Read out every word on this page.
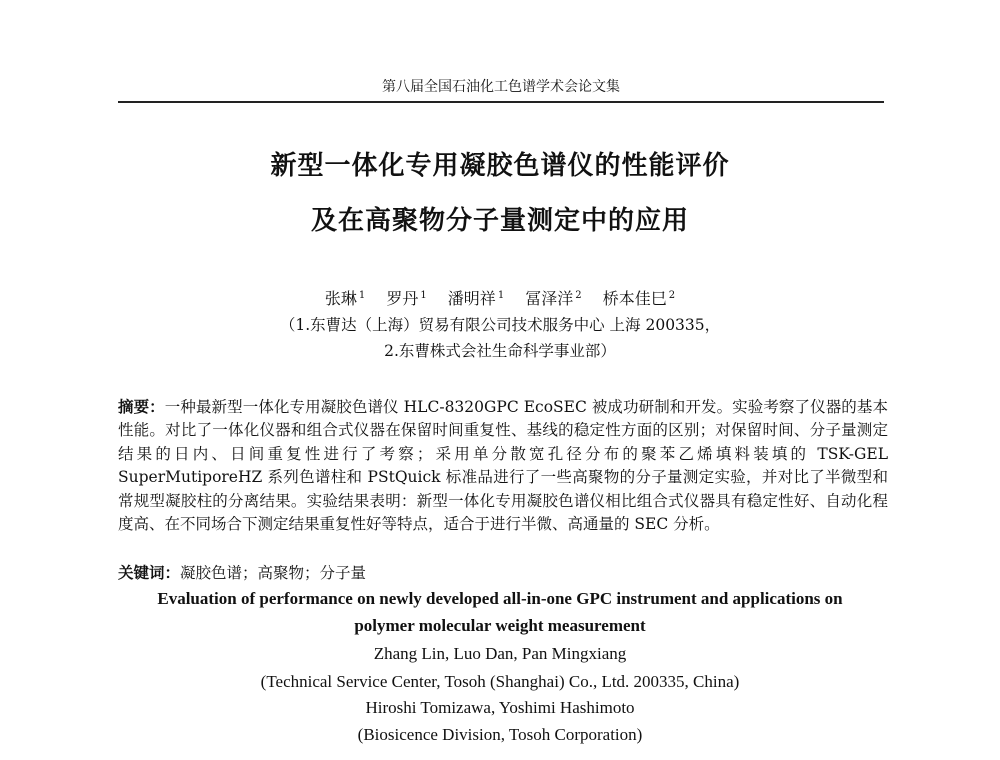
第八届全国石油化工色谱学术会论文集
新型一体化专用凝胶色谱仪的性能评价
及在高聚物分子量测定中的应用
张琳 $^1$ 罗丹 $^1$ 潘明祥 $^1$ 冨泽洋 $^2$ 桥本佳巳 $^2$
（1.东曹达（上海）贸易有限公司技术服务中心 上海 200335，
2.东曹株式会社生命科学事业部）
摘要：一种最新型一体化专用凝胶色谱仪 HLC-8320GPC EcoSEC 被成功研制和开发。实验考察了仪器的基本性能。对比了一体化仪器和组合式仪器在保留时间重复性、基线的稳定性方面的区别；对保留时间、分子量测定结果的日内、日间重复性进行了考察；采用单分散宽孔径分布的聚苯乙烯填料装填的 TSK-GEL SuperMutiporeHZ 系列色谱柱和 PStQuick 标准品进行了一些高聚物的分子量测定实验，并对比了半微型和常规型凝胶柱的分离结果。实验结果表明：新型一体化专用凝胶色谱仪相比组合式仪器具有稳定性好、自动化程度高、在不同场合下测定结果重复性好等特点，适合于进行半微、高通量的 SEC 分析。
关键词：凝胶色谱；高聚物；分子量
Evaluation of performance on newly developed all-in-one GPC instrument and applications on
polymer molecular weight measurement
Zhang Lin, Luo Dan, Pan Mingxiang
(Technical Service Center, Tosoh (Shanghai) Co., Ltd. 200335, China)
Hiroshi Tomizawa, Yoshimi Hashimoto
(Biosicence Division, Tosoh Corporation)
